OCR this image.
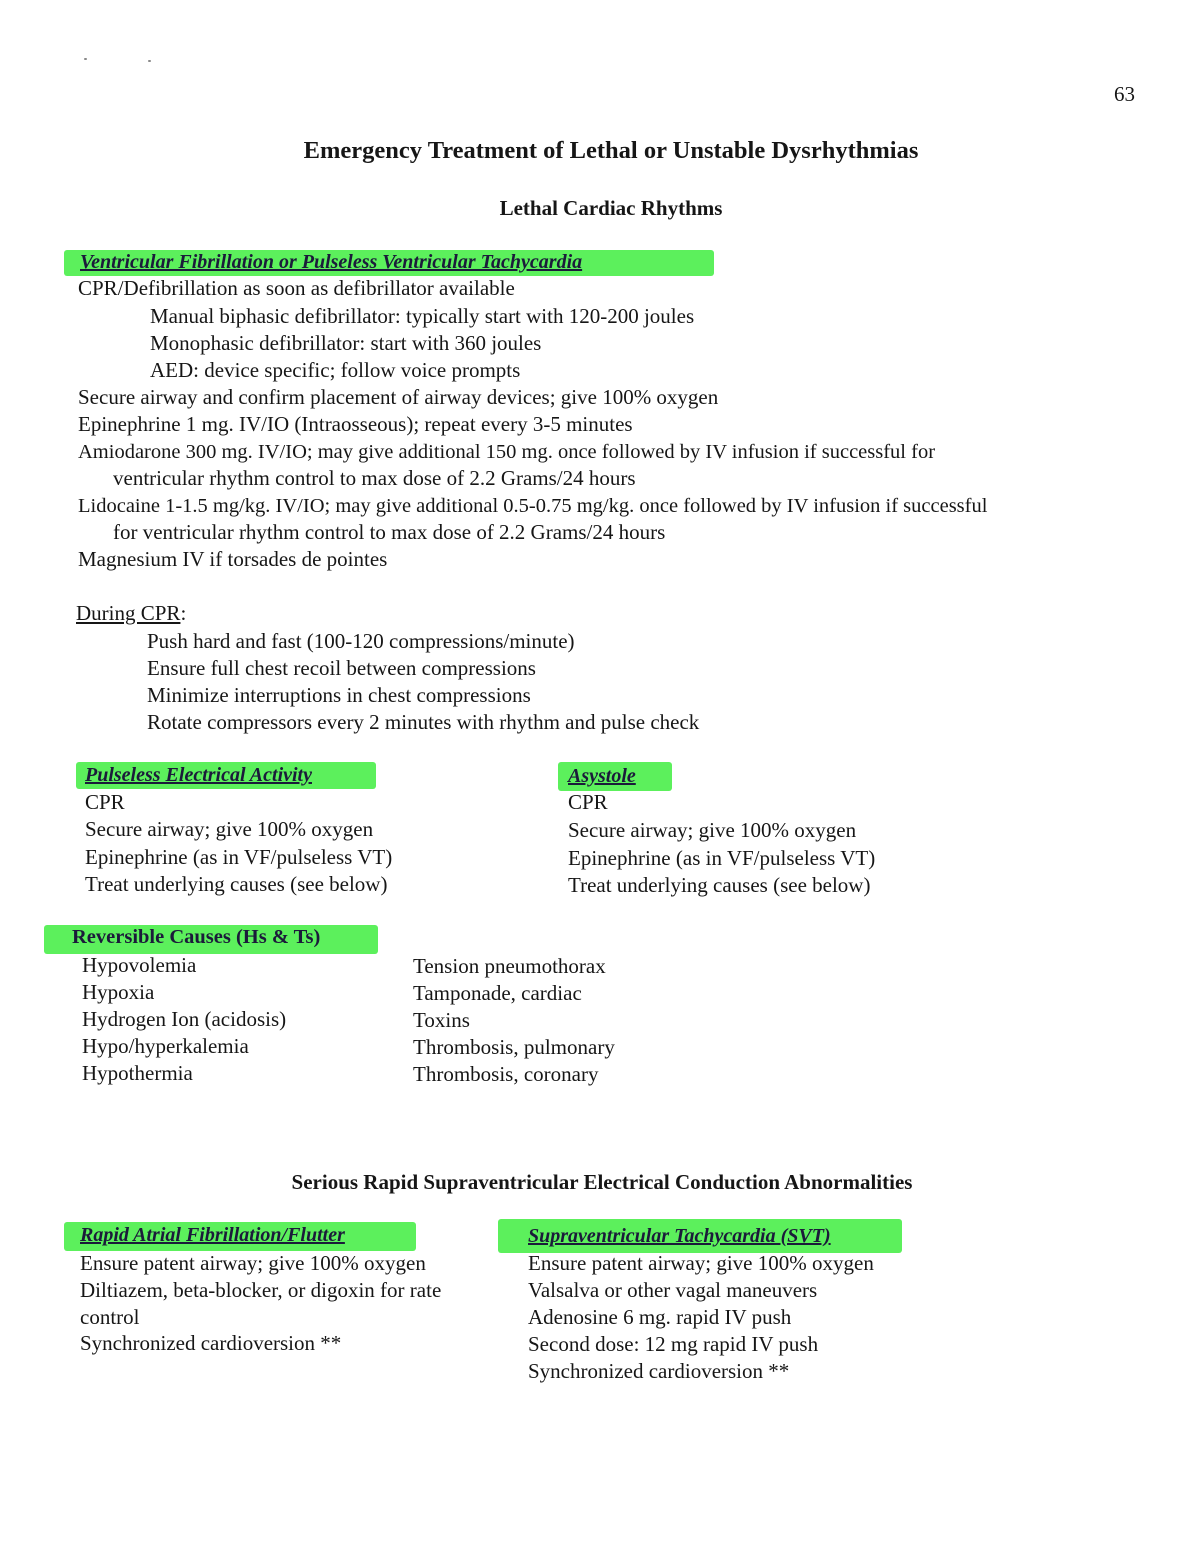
63
Emergency Treatment of Lethal or Unstable Dysrhythmias
Lethal Cardiac Rhythms
Ventricular Fibrillation or Pulseless Ventricular Tachycardia
CPR/Defibrillation as soon as defibrillator available
Manual biphasic defibrillator: typically start with 120-200 joules
Monophasic defibrillator: start with 360 joules
AED: device specific; follow voice prompts
Secure airway and confirm placement of airway devices; give 100% oxygen
Epinephrine 1 mg. IV/IO (Intraosseous); repeat every 3-5 minutes
Amiodarone 300 mg. IV/IO; may give additional 150 mg. once followed by IV infusion if successful for
ventricular rhythm control to max dose of 2.2 Grams/24 hours
Lidocaine 1-1.5 mg/kg. IV/IO; may give additional 0.5-0.75 mg/kg. once followed by IV infusion if successful
for ventricular rhythm control to max dose of 2.2 Grams/24 hours
Magnesium IV if torsades de pointes
During CPR:
Push hard and fast (100-120 compressions/minute)
Ensure full chest recoil between compressions
Minimize interruptions in chest compressions
Rotate compressors every 2 minutes with rhythm and pulse check
Pulseless Electrical Activity
CPR
Secure airway; give 100% oxygen
Epinephrine (as in VF/pulseless VT)
Treat underlying causes (see below)
Asystole
CPR
Secure airway; give 100% oxygen
Epinephrine (as in VF/pulseless VT)
Treat underlying causes (see below)
Reversible Causes (Hs & Ts)
Hypovolemia
Hypoxia
Hydrogen Ion (acidosis)
Hypo/hyperkalemia
Hypothermia
Tension pneumothorax
Tamponade, cardiac
Toxins
Thrombosis, pulmonary
Thrombosis, coronary
Serious Rapid Supraventricular Electrical Conduction Abnormalities
Rapid Atrial Fibrillation/Flutter
Ensure patent airway; give 100% oxygen
Diltiazem, beta-blocker, or digoxin for rate
control
Synchronized cardioversion **
Supraventricular Tachycardia (SVT)
Ensure patent airway; give 100% oxygen
Valsalva or other vagal maneuvers
Adenosine 6 mg. rapid IV push
Second dose: 12 mg rapid IV push
Synchronized cardioversion **
